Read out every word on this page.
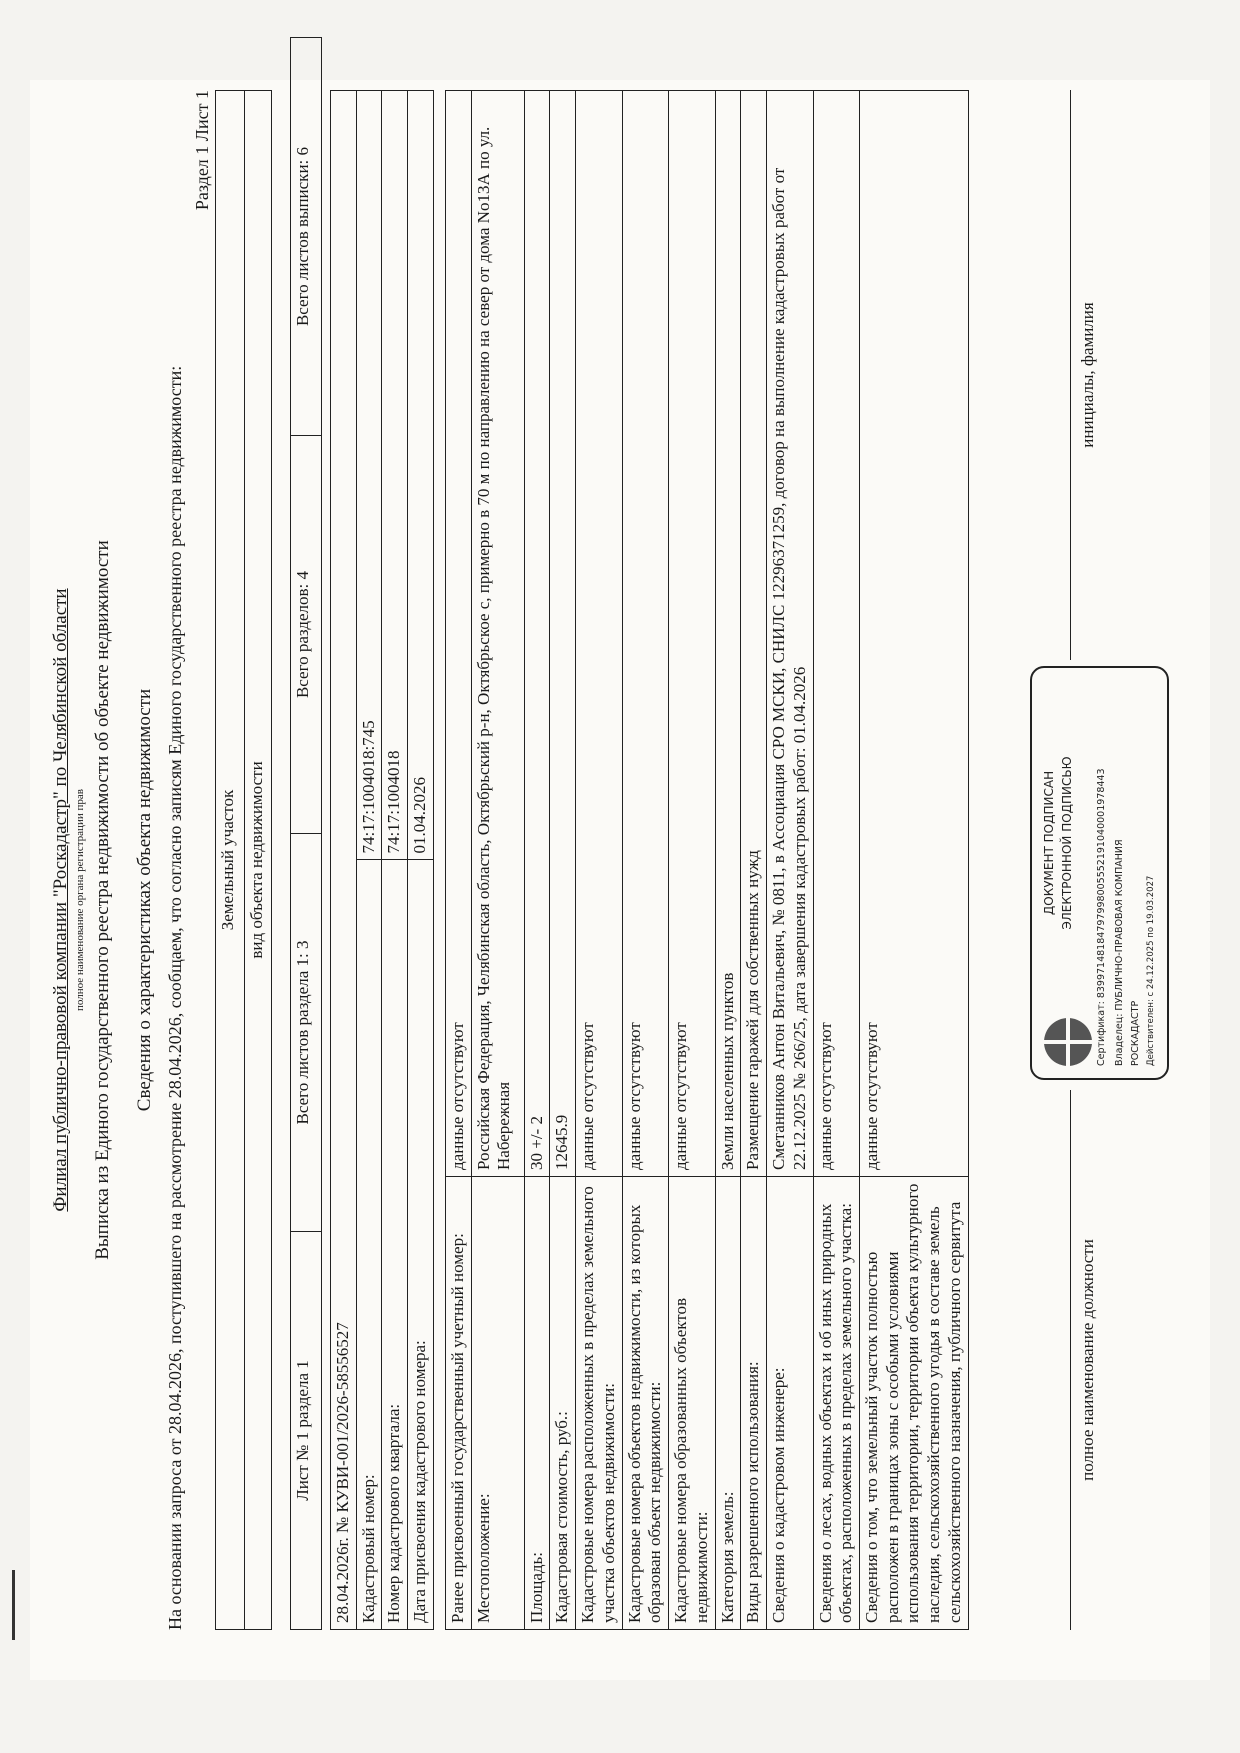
Филиал публично-правовой компании "Роскадастр" по Челябинской области полное наименование органа регистрации прав Выписка из Единого государственного реестра недвижимости об объекте недвижимости Сведения о характеристиках объекта недвижимости На основании запроса от 28.04.2026, поступившего на рассмотрение 28.04.2026, сообщаем, что согласно записям Единого государственного реестра недвижимости:
Раздел 1 Лист 1
Земельный участок
вид объекта недвижимости
Лист № 1 раздела 1	Всего листов раздела 1: 3	Всего разделов: 4	Всего листов выписки: 6
28.04.2026г. № КУВИ-001/2026-58556527	
Кадастровый номер:	74:17:1004018:745
Номер кадастрового квартала:	74:17:1004018
Дата присвоения кадастрового номера:	01.04.2026
Ранее присвоенный государственный учетный номер:	данные отсутствуют
Местоположение:	Российская Федерация, Челябинская область, Октябрьский р-н, Октябрьское с, примерно в 70 м по направлению на север от дома No13А по ул. Набережная
Площадь:	30 +/- 2
Кадастровая стоимость, руб.:	12645.9
Кадастровые номера расположенных в пределах земельного участка объектов недвижимости:	данные отсутствуют
Кадастровые номера объектов недвижимости, из которых образован объект недвижимости:	данные отсутствуют
Кадастровые номера образованных объектов недвижимости:	данные отсутствуют
Категория земель:	Земли населенных пунктов
Виды разрешенного использования:	Размещение гаражей для собственных нужд
Сведения о кадастровом инженере:	Сметанников Антон Витальевич, № 0811, в Ассоциация СРО МСКИ, СНИЛС 12296371259, договор на выполнение кадастровых работ от 22.12.2025 № 266/25, дата завершения кадастровых работ: 01.04.2026
Сведения о лесах, водных объектах и об иных природных объектах, расположенных в пределах земельного участка:	данные отсутствуют
Сведения о том, что земельный участок полностью расположен в границах зоны с особыми условиями использования территории, территории объекта культурного наследия, сельскохозяйственного угодья в составе земель сельскохозяйственного назначения, публичного сервитута	данные отсутствуют
полное наименование должности
инициалы, фамилия
ДОКУМЕНТ ПОДПИСАН ЭЛЕКТРОННОЙ ПОДПИСЬЮ Сертификат: 839971481847979980055521910400019784​43 Владелец: ПУБЛИЧНО-ПРАВОВАЯ КОМПАНИЯ РОСКАДАСТР Действителен: с 24.12.2025 по 19.03.2027
